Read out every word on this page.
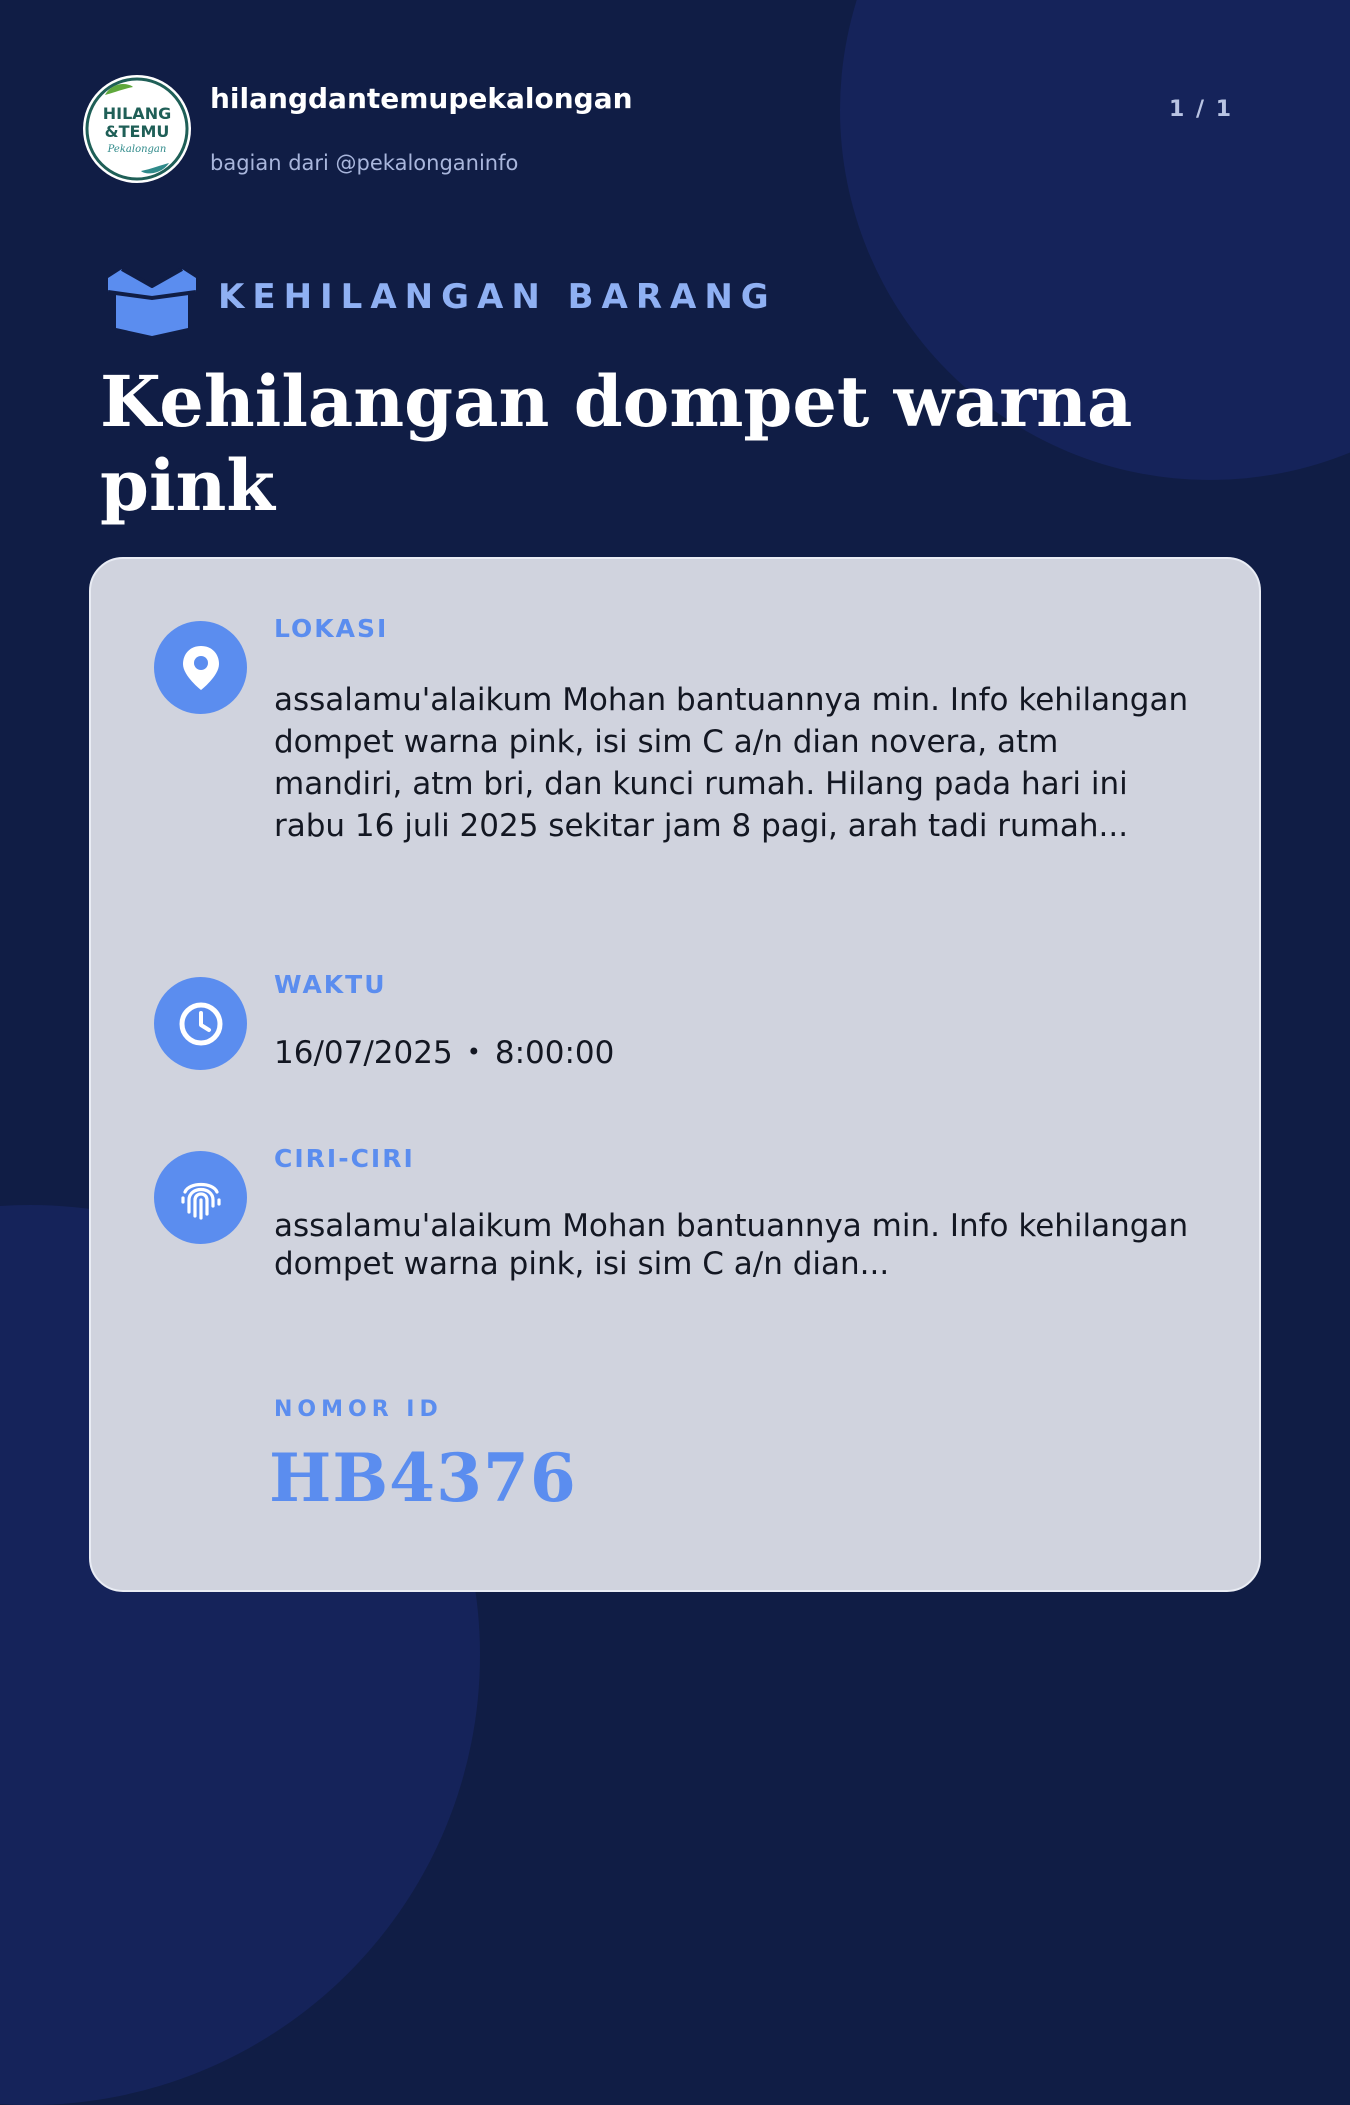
HILANG
&TEMU
Pekalongan
hilangdantemupekalongan
bagian dari @pekalonganinfo
1 / 1
KEHILANGAN BARANG
Kehilangan dompet warna pink
LOKASI

assalamu'alaikum Mohan bantuannya min. Info kehilangan dompet warna pink, isi sim C a/n dian novera, atm mandiri, atm bri, dan kunci rumah. Hilang pada hari ini rabu 16 juli 2025 sekitar jam 8 pagi, arah tadi rumah...

WAKTU
16/07/2025 • 8:00:00
CIRI-CIRI

assalamu'alaikum Mohan bantuannya min. Info kehilangan dompet warna pink, isi sim C a/n dian...

NOMOR ID
HB4376
